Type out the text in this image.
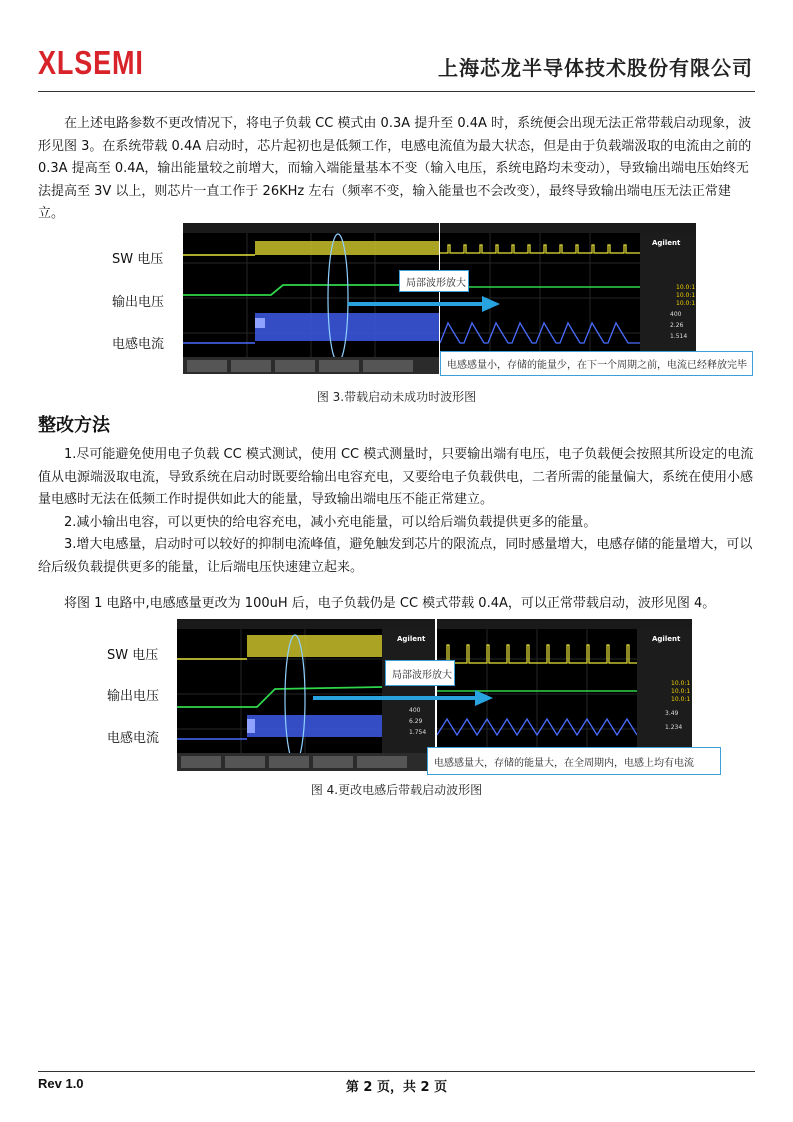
XLSEMI	上海芯龙半导体技术股份有限公司

在上述电路参数不更改情况下，将电子负载 CC 模式由 0.3A 提升至 0.4A 时，系统便会出现无法正常带载启动现象，波形见图 3。在系统带载 0.4A 启动时，芯片起初也是低频工作，电感电流值为最大状态，但是由于负载端汲取的电流由之前的 0.3A 提高至 0.4A，输出能量较之前增大，而输入端能量基本不变（输入电压，系统电路均未变动），导致输出端电压始终无法提高至 3V 以上，则芯片一直工作于 26KHz 左右（频率不变，输入能量也不会改变），最终导致输出端电压无法正常建立。

SW 电压
输出电压
电感电流
Agilent
10.0:1
10.0:1
10.0:1
400
2.26
1.514
局部波形放大
电感感量小，存储的能量少，在下一个周期之前，电流已经释放完毕
图 3.带载启动未成功时波形图
整改方法

1.尽可能避免使用电子负载 CC 模式测试，使用 CC 模式测量时，只要输出端有电压，电子负载便会按照其所设定的电流值从电源端汲取电流，导致系统在启动时既要给输出电容充电，又要给电子负载供电，二者所需的能量偏大，系统在使用小感量电感时无法在低频工作时提供如此大的能量，导致输出端电压不能正常建立。

2.减小输出电容，可以更快的给电容充电，减小充电能量，可以给后端负载提供更多的能量。

3.增大电感量，启动时可以较好的抑制电流峰值，避免触发到芯片的限流点，同时感量增大，电感存储的能量增大，可以给后级负载提供更多的能量，让后端电压快速建立起来。

将图 1 电路中,电感感量更改为 100uH 后，电子负载仍是 CC 模式带载 0.4A，可以正常带载启动，波形见图 4。

SW 电压
输出电压
电感电流
Agilent
400
6.29
1.754
Agilent
10.0:1
10.0:1
10.0:1
3.49
1.234
局部波形放大
电感感量大，存储的能量大，在全周期内，电感上均有电流
图 4.更改电感后带载启动波形图
Rev 1.0	第 2 页，共 2 页
